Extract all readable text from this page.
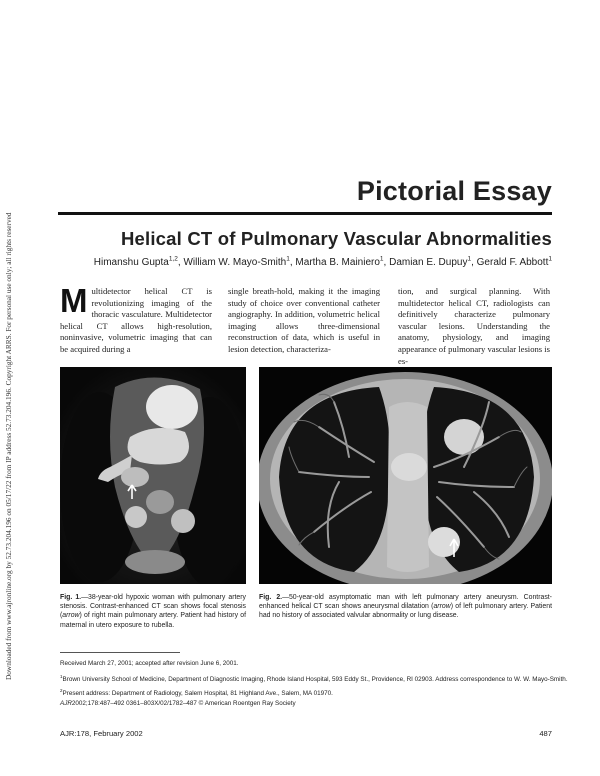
Downloaded from www.ajronline.org by 52.73.204.196 on 05/17/22 from IP address 52.73.204.196. Copyright ARRS. For personal use only; all rights reserved
Pictorial Essay
Helical CT of Pulmonary Vascular Abnormalities
Himanshu Gupta$^{1,2}$, William W. Mayo-Smith$^1$, Martha B. Mainiero$^1$, Damian E. Dupuy$^1$, Gerald F. Abbott$^1$
Multidetector helical CT is revolutionizing imaging of the thoracic vasculature. Multidetector helical CT allows high-resolution, noninvasive, volumetric imaging that can be acquired during a
single breath-hold, making it the imaging study of choice over conventional catheter angiography. In addition, volumetric helical imaging allows three-dimensional reconstruction of data, which is useful in lesion detection, characteriza-
tion, and surgical planning. With multidetector helical CT, radiologists can definitively characterize pulmonary vascular lesions. Understanding the anatomy, physiology, and imaging appearance of pulmonary vascular lesions is es-
Fig. 1.—38-year-old hypoxic woman with pulmonary artery stenosis. Contrast-enhanced CT scan shows focal stenosis (arrow) of right main pulmonary artery. Patient had history of maternal in utero exposure to rubella.
Fig. 2.—50-year-old asymptomatic man with left pulmonary artery aneurysm. Contrast-enhanced helical CT scan shows aneurysmal dilatation (arrow) of left pulmonary artery. Patient had no history of associated valvular abnormality or lung disease.
Received March 27, 2001; accepted after revision June 6, 2001.
$^1$Brown University School of Medicine, Department of Diagnostic Imaging, Rhode Island Hospital, 593 Eddy St., Providence, RI 02903. Address correspondence to W. W. Mayo-Smith.
$^2$Present address: Department of Radiology, Salem Hospital, 81 Highland Ave., Salem, MA 01970.
AJR2002;178:487–492 0361–803X/02/1782–487 © American Roentgen Ray Society
AJR:178, February 2002	487
